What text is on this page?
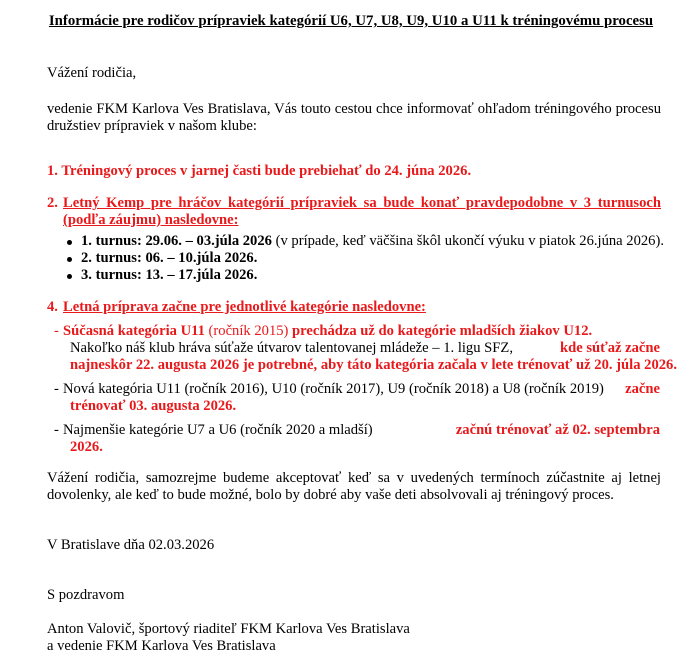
Informácie pre rodičov prípraviek kategórií U6, U7, U8, U9, U10 a U11 k tréningovému procesu
Vážení rodičia,
vedenie FKM Karlova Ves Bratislava, Vás touto cestou chce informovať ohľadom tréningového procesu družstiev prípraviek v našom klube:
1. Tréningový proces v jarnej časti bude prebiehať do 24. júna 2026.
2. Letný Kemp pre hráčov kategórií prípraviek sa bude konať pravdepodobne v 3 turnusoch (podľa záujmu) nasledovne:
1. turnus: 29.06. – 03.júla 2026 (v prípade, keď väčšina škôl ukončí výuku v piatok 26.júna 2026).
2. turnus: 06. – 10.júla 2026.
3. turnus: 13. – 17.júla 2026.
4. Letná príprava začne pre jednotlivé kategórie nasledovne:
- Súčasná kategória U11 (ročník 2015) prechádza už do kategórie mladších žiakov U12.
Nakoľko náš klub hráva súťaže útvarov talentovanej mládeže – 1. ligu SFZ,	kde súťaž začne
najneskôr 22. augusta 2026 je potrebné, aby táto kategória začala v lete trénovať už 20. júla 2026.
- Nová kategória U11 (ročník 2016), U10 (ročník 2017), U9 (ročník 2018) a U8 (ročník 2019) začne
trénovať 03. augusta 2026.
- Najmenšie kategórie U7 a U6 (ročník 2020 a mladší)	začnú trénovať až 02. septembra
2026.
Vážení rodičia, samozrejme budeme akceptovať keď sa v uvedených termínoch zúčastnite aj letnej dovolenky, ale keď to bude možné, bolo by dobré aby vaše deti absolvovali aj tréningový proces.
V Bratislave dňa 02.03.2026
S pozdravom
Anton Valovič, športový riaditeľ FKM Karlova Ves Bratislava
a vedenie FKM Karlova Ves Bratislava
